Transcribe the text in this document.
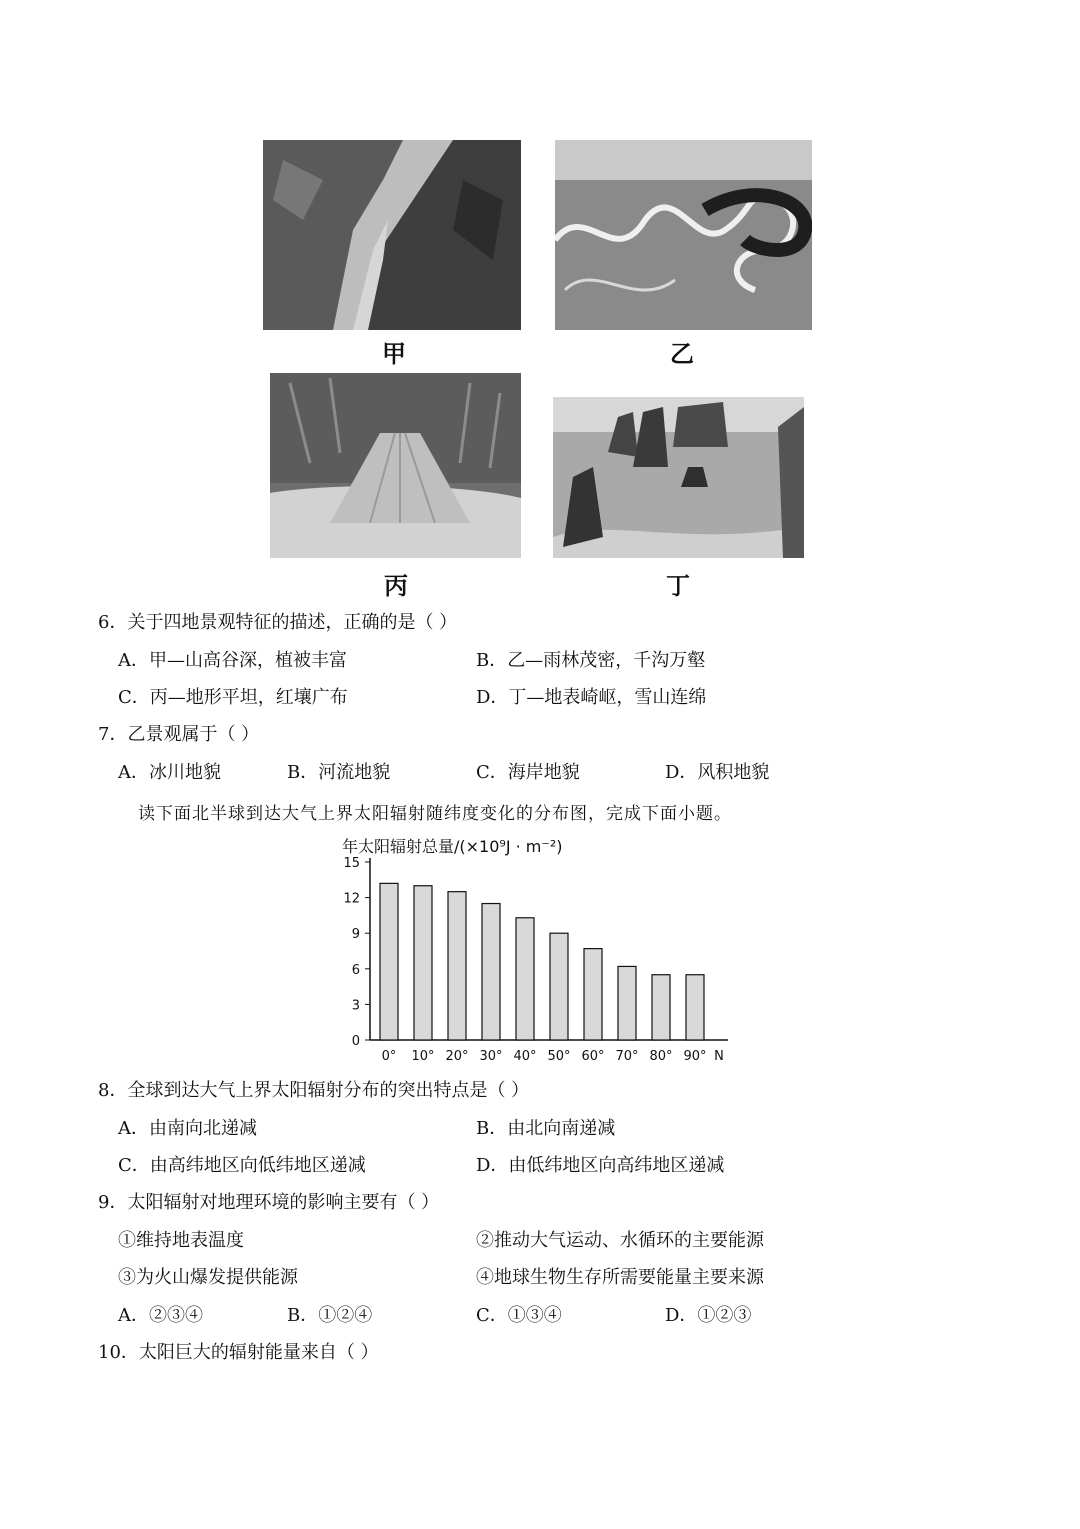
甲	乙
丙	丁
6．关于四地景观特征的描述，正确的是（ ）
A．甲—山高谷深，植被丰富	B．乙—雨林茂密，千沟万壑
C．丙—地形平坦，红壤广布	D．丁—地表崎岖，雪山连绵
7．乙景观属于（ ）
A．冰川地貌	B．河流地貌	C．海岸地貌	D．风积地貌
读下面北半球到达大气上界太阳辐射随纬度变化的分布图，完成下面小题。
年太阳辐射总量/(×10⁹J · m⁻²)
0
3
6
9
12
15
0° 10° 20° 30° 40° 50° 60° 70° 80° 90° N
8．全球到达大气上界太阳辐射分布的突出特点是（ ）
A．由南向北递减	B．由北向南递减
C．由高纬地区向低纬地区递减	D．由低纬地区向高纬地区递减
9．太阳辐射对地理环境的影响主要有（ ）
①维持地表温度	②推动大气运动、水循环的主要能源
③为火山爆发提供能源	④地球生物生存所需要能量主要来源
A．②③④	B．①②④	C．①③④	D．①②③
10．太阳巨大的辐射能量来自（ ）
